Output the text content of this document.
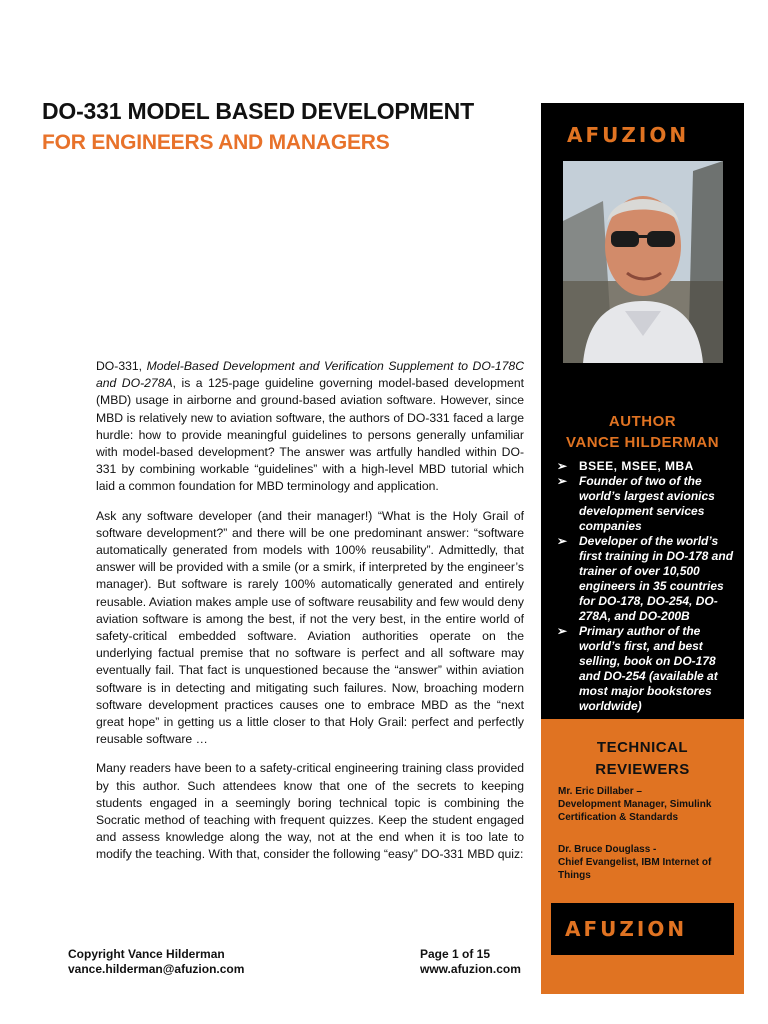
DO-331 MODEL BASED DEVELOPMENT
FOR ENGINEERS AND MANAGERS

DO-331, Model-Based Development and Verification Supplement to DO-178C and DO-278A, is a 125-page guideline governing model-based development (MBD) usage in airborne and ground-based aviation software. However, since MBD is relatively new to aviation software, the authors of DO-331 faced a large hurdle: how to provide meaningful guidelines to persons generally unfamiliar with model-based development? The answer was artfully handled within DO-331 by combining workable “guidelines” with a high-level MBD tutorial which laid a common foundation for MBD terminology and application.

Ask any software developer (and their manager!) “What is the Holy Grail of software development?” and there will be one predominant answer: “software automatically generated from models with 100% reusability”. Admittedly, that answer will be provided with a smile (or a smirk, if interpreted by the engineer’s manager). But software is rarely 100% automatically generated and entirely reusable. Aviation makes ample use of software reusability and few would deny aviation software is among the best, if not the very best, in the entire world of safety-critical embedded software. Aviation authorities operate on the underlying factual premise that no software is perfect and all software may eventually fail. That fact is unquestioned because the “answer” within aviation software is in detecting and mitigating such failures. Now, broaching modern software development practices causes one to embrace MBD as the “next great hope” in getting us a little closer to that Holy Grail: perfect and perfectly reusable software …

Many readers have been to a safety-critical engineering training class provided by this author. Such attendees know that one of the secrets to keeping students engaged in a seemingly boring technical topic is combining the Socratic method of teaching with frequent quizzes. Keep the student engaged and assess knowledge along the way, not at the end when it is too late to modify the teaching. With that, consider the following “easy” DO-331 MBD quiz:

Copyright Vance Hilderman
vance.hilderman@afuzion.com
Page 1 of 15
www.afuzion.com
AFUZION
AUTHOR
VANCE HILDERMAN
➢ BSEE, MSEE, MBA
➢ Founder of two of the world’s largest avionics development services companies
➢ Developer of the world’s first training in DO-178 and trainer of over 10,500 engineers in 35 countries for DO-178, DO-254, DO-278A, and DO-200B
➢ Primary author of the world’s first, and best selling, book on DO-178 and DO-254 (available at most major bookstores worldwide)
TECHNICAL
REVIEWERS
Mr. Eric Dillaber –
Development Manager, Simulink Certification & Standards
Dr. Bruce Douglass -
Chief Evangelist, IBM Internet of Things
AFUZION
